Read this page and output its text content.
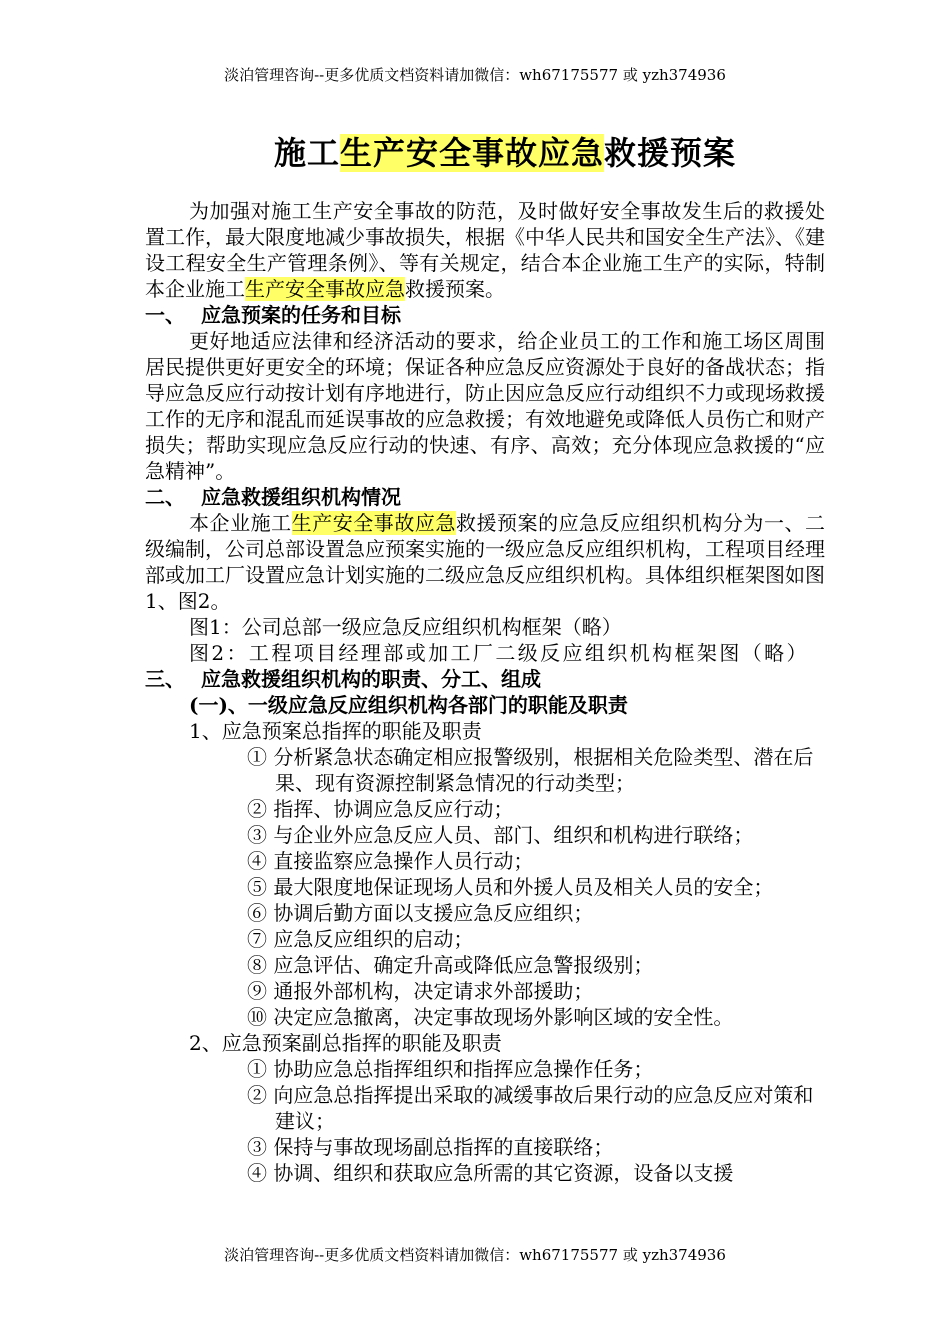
淡泊管理咨询--更多优质文档资料请加微信：wh67175577 或 yzh374936
施工生产安全事故应急救援预案

为加强对施工生产安全事故的防范，及时做好安全事故发生后的救援处置工作，最大限度地减少事故损失，根据《中华人民共和国安全生产法》、《建设工程安全生产管理条例》、等有关规定，结合本企业施工生产的实际，特制本企业施工生产安全事故应急救援预案。

一、 应急预案的任务和目标

更好地适应法律和经济活动的要求，给企业员工的工作和施工场区周围居民提供更好更安全的环境；保证各种应急反应资源处于良好的备战状态；指导应急反应行动按计划有序地进行，防止因应急反应行动组织不力或现场救援工作的无序和混乱而延误事故的应急救援；有效地避免或降低人员伤亡和财产损失；帮助实现应急反应行动的快速、有序、高效；充分体现应急救援的“应急精神”。

二、 应急救援组织机构情况

本企业施工生产安全事故应急救援预案的应急反应组织机构分为一、二级编制，公司总部设置急应预案实施的一级应急反应组织机构，工程项目经理部或加工厂设置应急计划实施的二级应急反应组织机构。具体组织框架图如图1、图2。

图1：公司总部一级应急反应组织机构框架（略）

图2：工程项目经理部或加工厂二级反应组织机构框架图（略）

三、 应急救援组织机构的职责、分工、组成

(一)、一级应急反应组织机构各部门的职能及职责

1、应急预案总指挥的职能及职责

① 分析紧急状态确定相应报警级别，根据相关危险类型、潜在后果、现有资源控制紧急情况的行动类型；

② 指挥、协调应急反应行动；

③ 与企业外应急反应人员、部门、组织和机构进行联络；

④ 直接监察应急操作人员行动；

⑤ 最大限度地保证现场人员和外援人员及相关人员的安全；

⑥ 协调后勤方面以支援应急反应组织；

⑦ 应急反应组织的启动；

⑧ 应急评估、确定升高或降低应急警报级别；

⑨ 通报外部机构，决定请求外部援助；

⑩ 决定应急撤离，决定事故现场外影响区域的安全性。

2、应急预案副总指挥的职能及职责

① 协助应急总指挥组织和指挥应急操作任务；

② 向应急总指挥提出采取的减缓事故后果行动的应急反应对策和建议；

③ 保持与事故现场副总指挥的直接联络；

④ 协调、组织和获取应急所需的其它资源，设备以支援

淡泊管理咨询--更多优质文档资料请加微信：wh67175577 或 yzh374936
